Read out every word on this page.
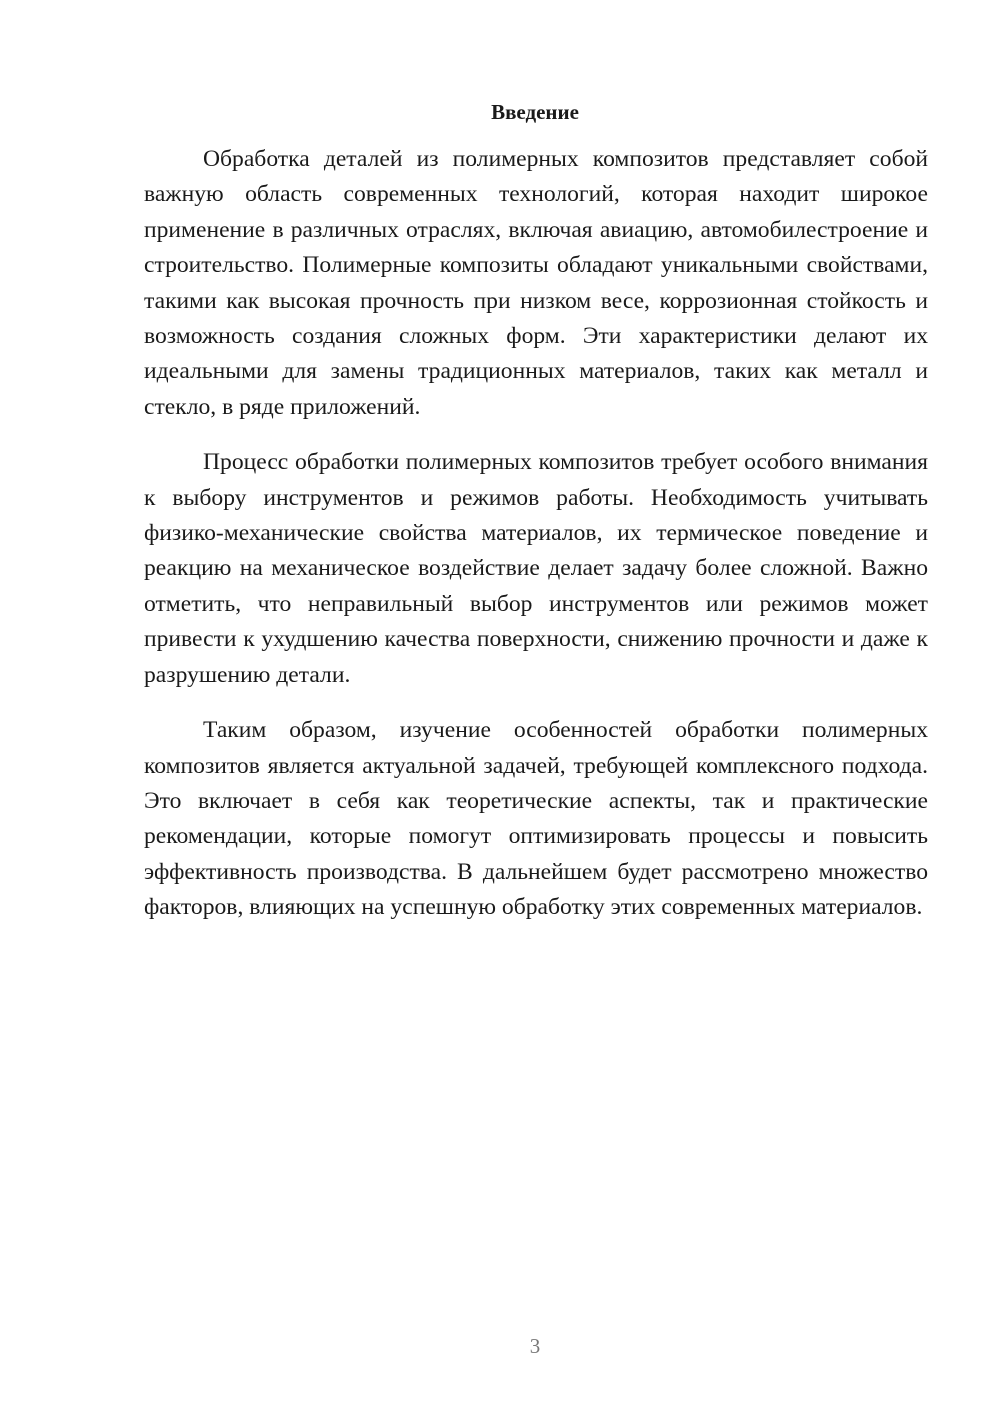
Введение

Обработка деталей из полимерных композитов представляет собой важную область современных технологий, которая находит широкое применение в различных отраслях, включая авиацию, автомобилестроение и строительство. Полимерные композиты обладают уникальными свойствами, такими как высокая прочность при низком весе, коррозионная стойкость и возможность создания сложных форм. Эти характеристики делают их идеальными для замены традиционных материалов, таких как металл и стекло, в ряде приложений.

Процесс обработки полимерных композитов требует особого внимания к выбору инструментов и режимов работы. Необходимость учитывать физико-механические свойства материалов, их термическое поведение и реакцию на механическое воздействие делает задачу более сложной. Важно отметить, что неправильный выбор инструментов или режимов может привести к ухудшению качества поверхности, снижению прочности и даже к разрушению детали.

Таким образом, изучение особенностей обработки полимерных композитов является актуальной задачей, требующей комплексного подхода. Это включает в себя как теоретические аспекты, так и практические рекомендации, которые помогут оптимизировать процессы и повысить эффективность производства. В дальнейшем будет рассмотрено множество факторов, влияющих на успешную обработку этих современных материалов.

3
